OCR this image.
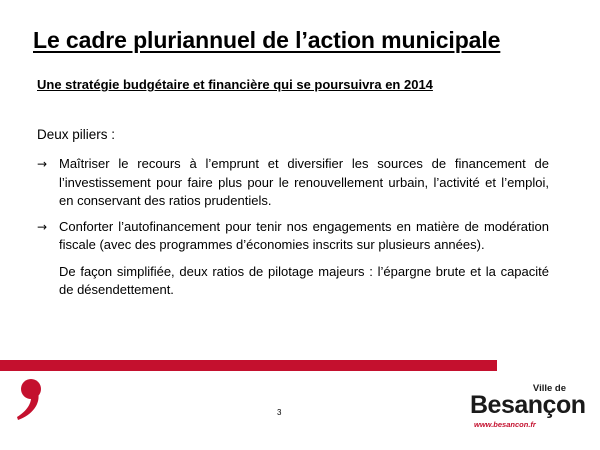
Le cadre pluriannuel de l’action municipale
Une stratégie budgétaire et financière qui se poursuivra en 2014
Deux piliers :
→ Maîtriser le recours à l’emprunt et diversifier les sources de financement de l’investissement pour faire plus pour le renouvellement urbain, l’activité et l’emploi, en conservant des ratios prudentiels.
→ Conforter l’autofinancement pour tenir nos engagements en matière de modération fiscale (avec des programmes d’économies inscrits sur plusieurs années).
De façon simplifiée, deux ratios de pilotage majeurs : l’épargne brute et la capacité de désendettement.
3
Ville de
Besançon
www.besancon.fr
